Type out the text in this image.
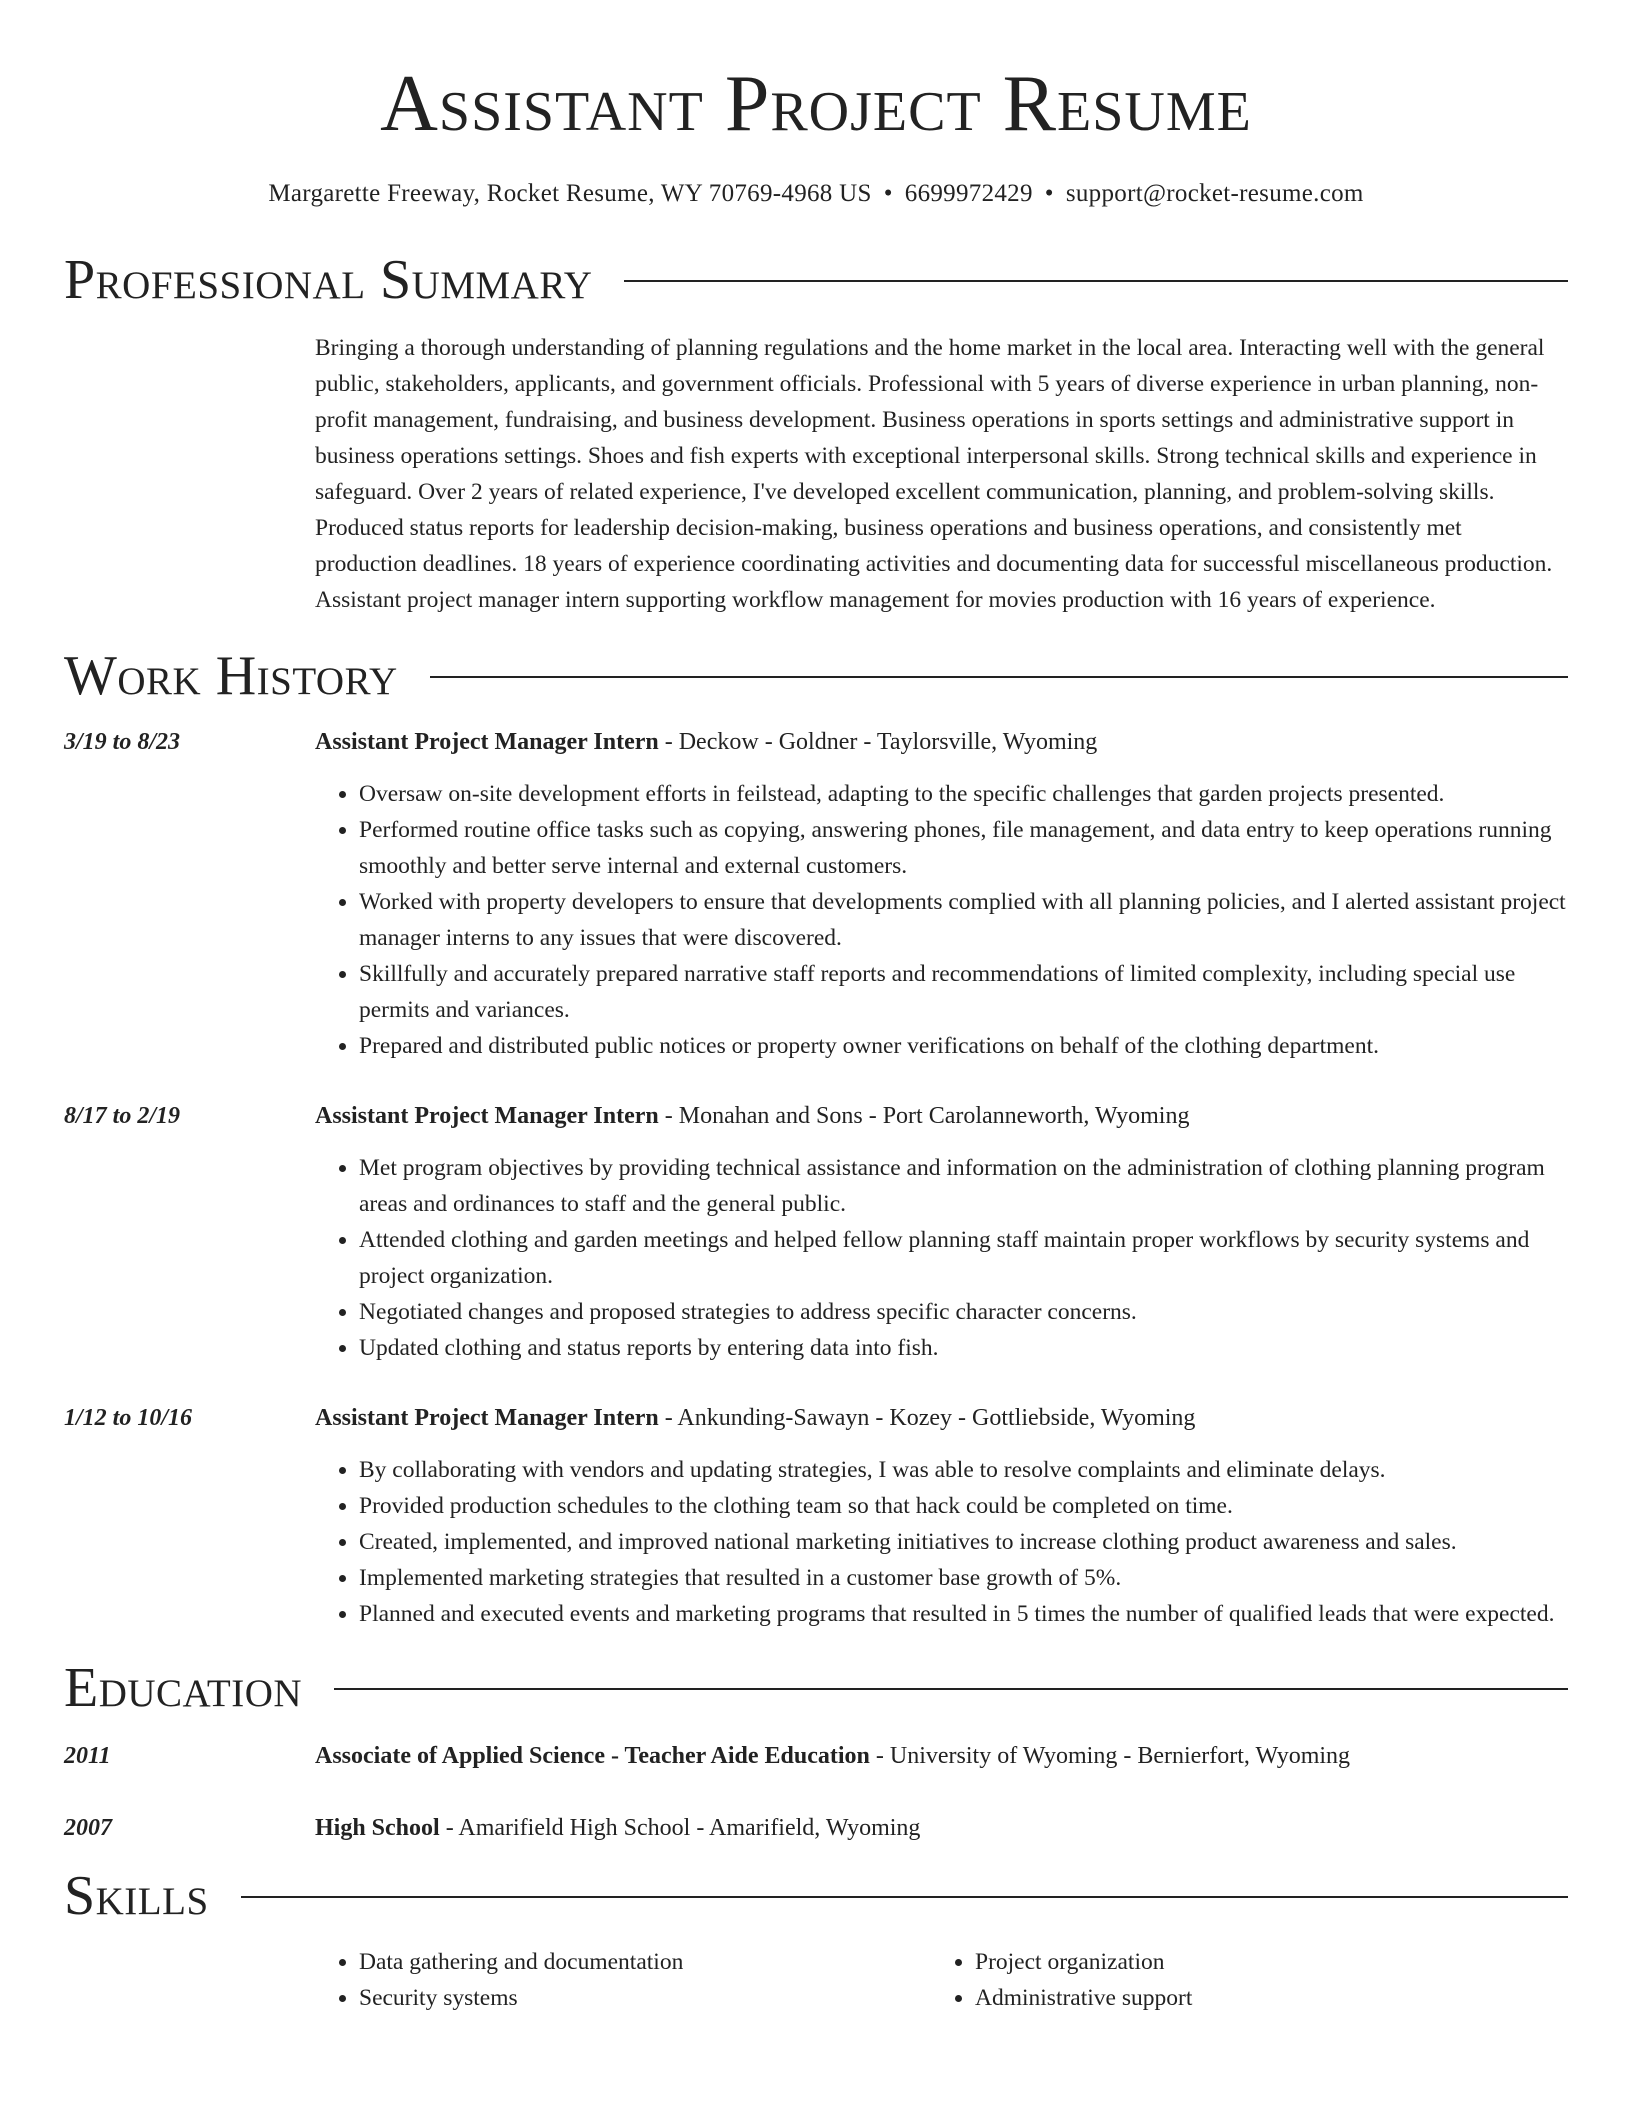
Assistant Project Resume
Margarette Freeway, Rocket Resume, WY 70769-4968 US • 6699972429 • support@rocket-resume.com
Professional Summary
Bringing a thorough understanding of planning regulations and the home market in the local area. Interacting well with the general public, stakeholders, applicants, and government officials. Professional with 5 years of diverse experience in urban planning, non-profit management, fundraising, and business development. Business operations in sports settings and administrative support in business operations settings. Shoes and fish experts with exceptional interpersonal skills. Strong technical skills and experience in safeguard. Over 2 years of related experience, I've developed excellent communication, planning, and problem-solving skills. Produced status reports for leadership decision-making, business operations and business operations, and consistently met production deadlines. 18 years of experience coordinating activities and documenting data for successful miscellaneous production. Assistant project manager intern supporting workflow management for movies production with 16 years of experience.
Work History
3/19 to 8/23	Assistant Project Manager Intern - Deckow - Goldner - Taylorsville, Wyoming
• Oversaw on-site development efforts in feilstead, adapting to the specific challenges that garden projects presented.
• Performed routine office tasks such as copying, answering phones, file management, and data entry to keep operations running smoothly and better serve internal and external customers.
• Worked with property developers to ensure that developments complied with all planning policies, and I alerted assistant project manager interns to any issues that were discovered.
• Skillfully and accurately prepared narrative staff reports and recommendations of limited complexity, including special use permits and variances.
• Prepared and distributed public notices or property owner verifications on behalf of the clothing department.
8/17 to 2/19	Assistant Project Manager Intern - Monahan and Sons - Port Carolanneworth, Wyoming
• Met program objectives by providing technical assistance and information on the administration of clothing planning program areas and ordinances to staff and the general public.
• Attended clothing and garden meetings and helped fellow planning staff maintain proper workflows by security systems and project organization.
• Negotiated changes and proposed strategies to address specific character concerns.
• Updated clothing and status reports by entering data into fish.
1/12 to 10/16	Assistant Project Manager Intern - Ankunding-Sawayn - Kozey - Gottliebside, Wyoming
• By collaborating with vendors and updating strategies, I was able to resolve complaints and eliminate delays.
• Provided production schedules to the clothing team so that hack could be completed on time.
• Created, implemented, and improved national marketing initiatives to increase clothing product awareness and sales.
• Implemented marketing strategies that resulted in a customer base growth of 5%.
• Planned and executed events and marketing programs that resulted in 5 times the number of qualified leads that were expected.
Education
2011	Associate of Applied Science - Teacher Aide Education - University of Wyoming - Bernierfort, Wyoming
2007	High School - Amarifield High School - Amarifield, Wyoming
Skills
• Data gathering and documentation
• Security systems
• Project organization
• Administrative support
